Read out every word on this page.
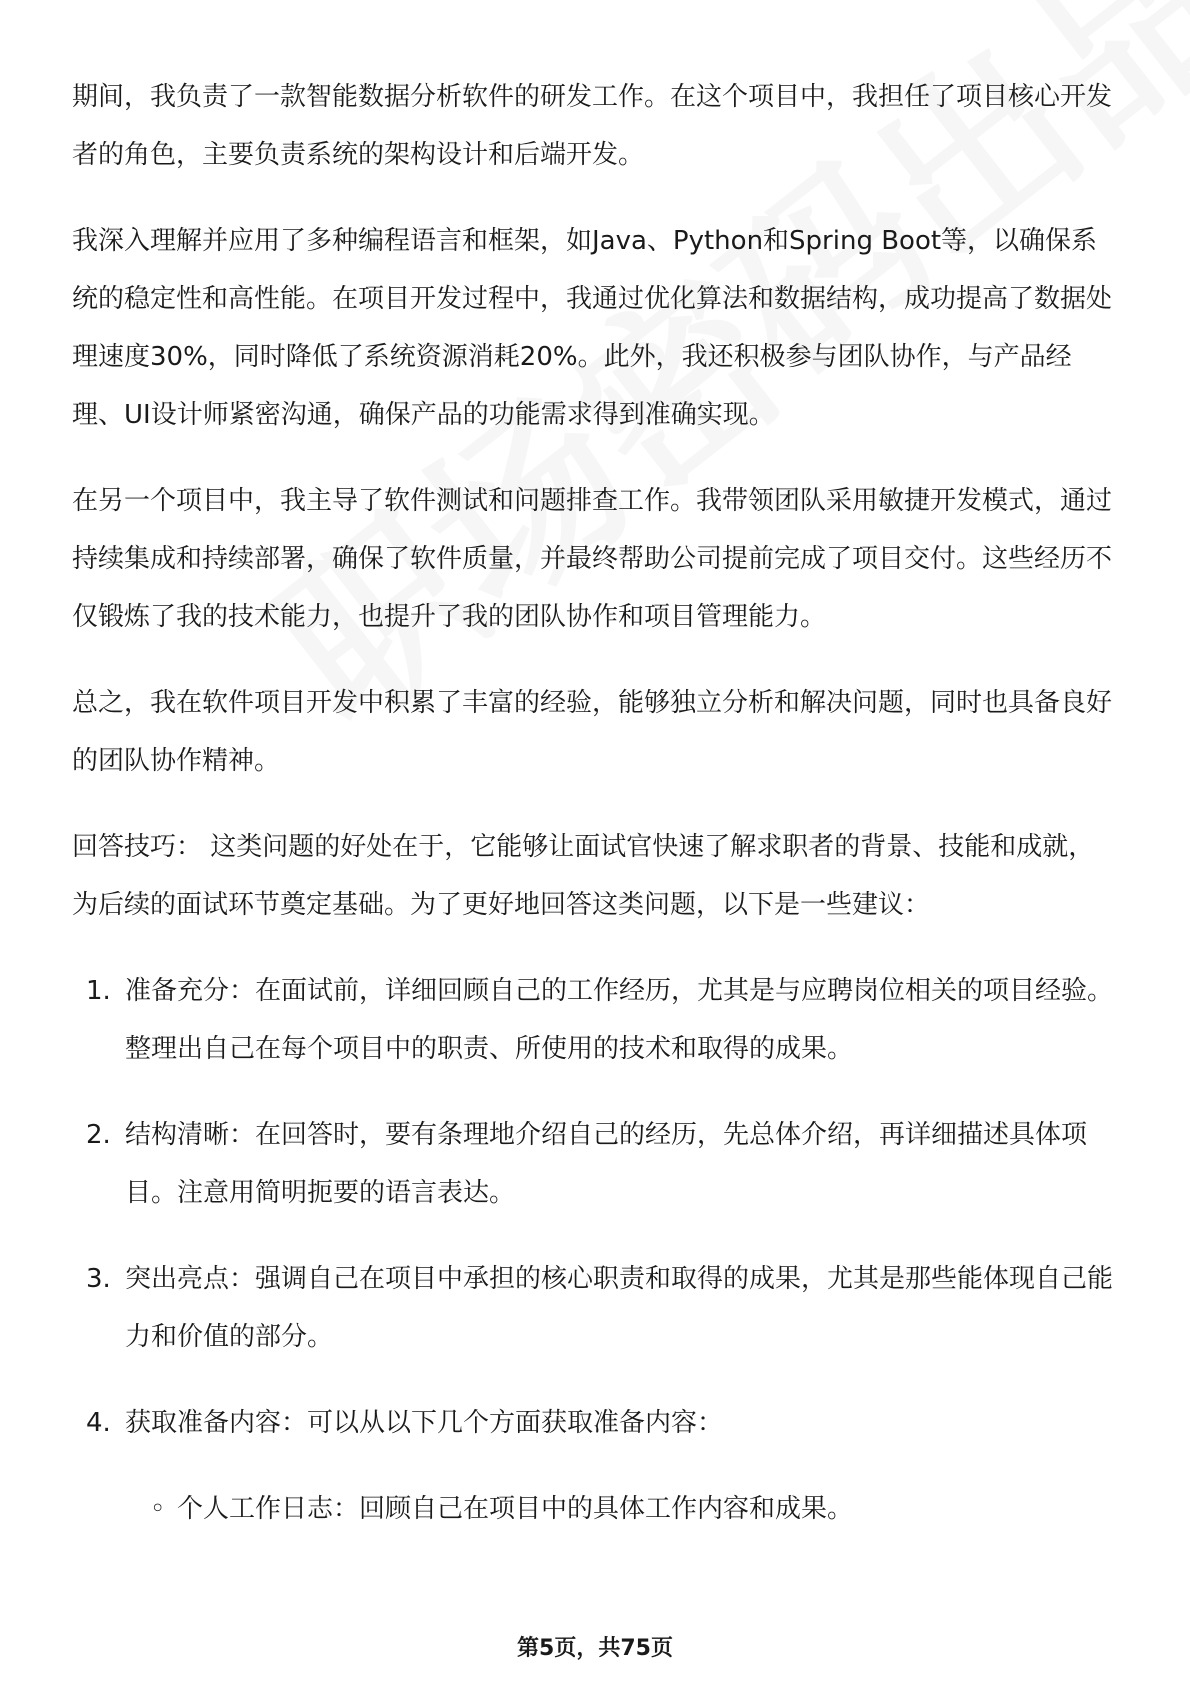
期间，我负责了一款智能数据分析软件的研发工作。在这个项目中，我担任了项目核心开发者的角色，主要负责系统的架构设计和后端开发。

我深入理解并应用了多种编程语言和框架，如Java、Python和Spring Boot等，以确保系统的稳定性和高性能。在项目开发过程中，我通过优化算法和数据结构，成功提高了数据处理速度30%，同时降低了系统资源消耗20%。此外，我还积极参与团队协作，与产品经理、UI设计师紧密沟通，确保产品的功能需求得到准确实现。

在另一个项目中，我主导了软件测试和问题排查工作。我带领团队采用敏捷开发模式，通过持续集成和持续部署，确保了软件质量，并最终帮助公司提前完成了项目交付。这些经历不仅锻炼了我的技术能力，也提升了我的团队协作和项目管理能力。

总之，我在软件项目开发中积累了丰富的经验，能够独立分析和解决问题，同时也具备良好的团队协作精神。

回答技巧： 这类问题的好处在于，它能够让面试官快速了解求职者的背景、技能和成就，为后续的面试环节奠定基础。为了更好地回答这类问题，以下是一些建议：

1. 准备充分：在面试前，详细回顾自己的工作经历，尤其是与应聘岗位相关的项目经验。整理出自己在每个项目中的职责、所使用的技术和取得的成果。
2. 结构清晰：在回答时，要有条理地介绍自己的经历，先总体介绍，再详细描述具体项目。注意用简明扼要的语言表达。
3. 突出亮点：强调自己在项目中承担的核心职责和取得的成果，尤其是那些能体现自己能力和价值的部分。
4. 获取准备内容：可以从以下几个方面获取准备内容：
◦ 个人工作日志：回顾自己在项目中的具体工作内容和成果。
第5页，共75页
